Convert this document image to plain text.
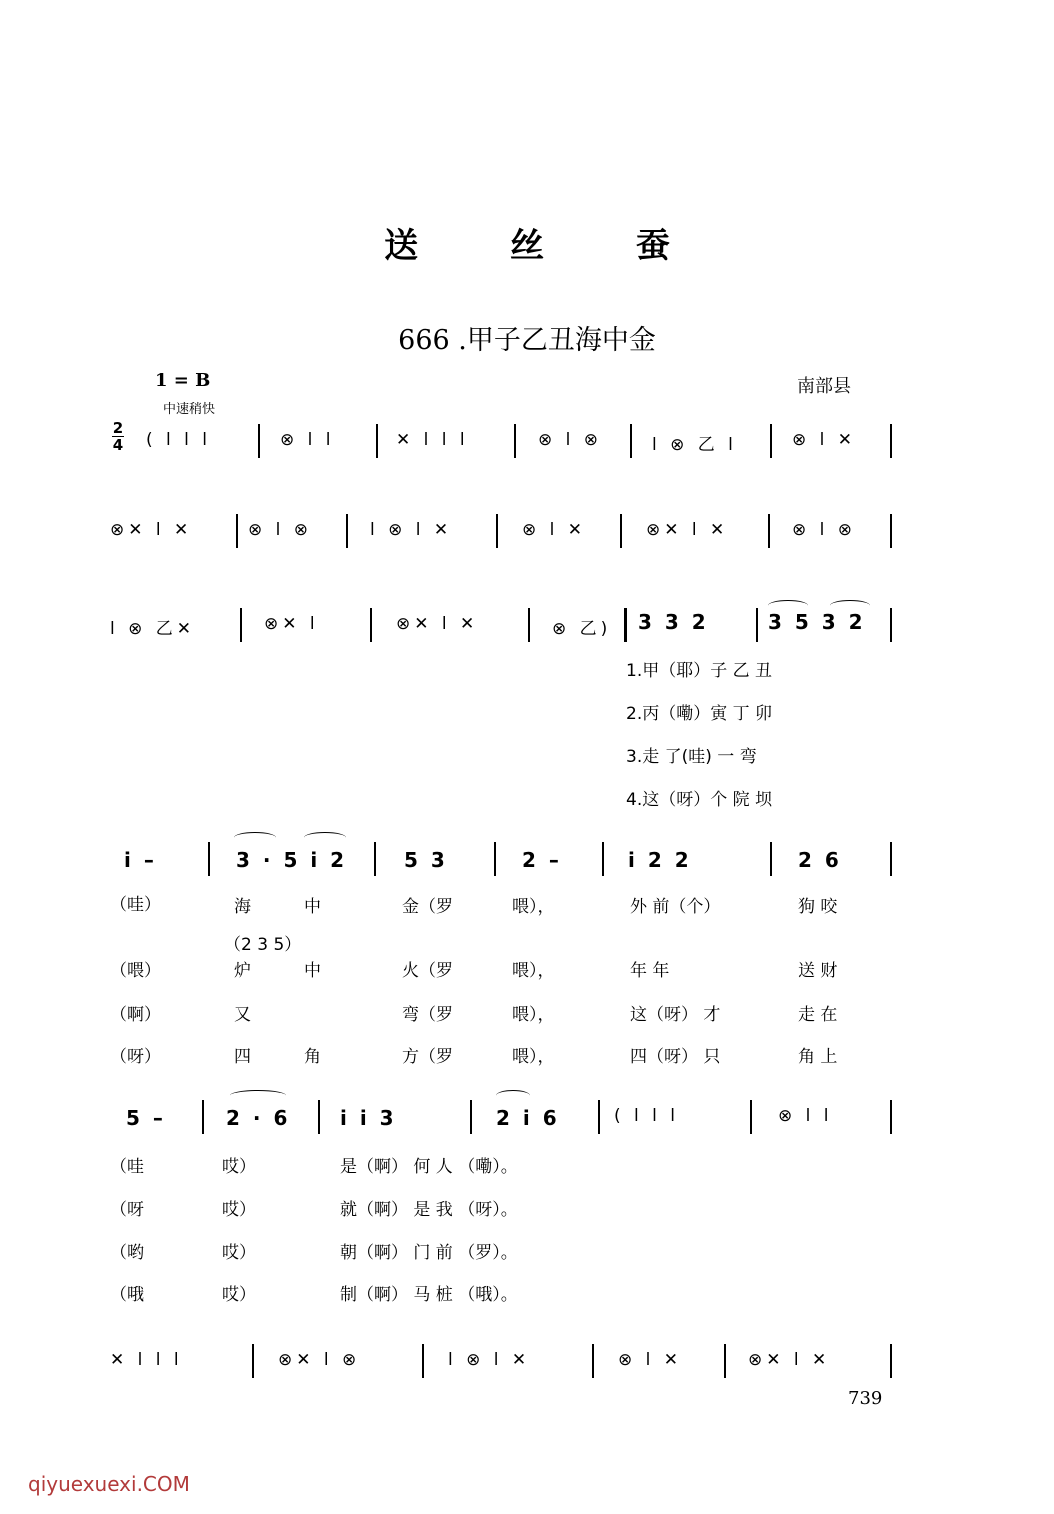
送 丝 蚕
666 .甲子乙丑海中金
1 = B
中速稍快
南部县
2
4 ( l l l	⊗ l l	✕ l l l	⊗ l ⊗	l ⊗ 乙 l	⊗ l ✕
⊗✕ l ✕	⊗ l ⊗	l ⊗ l ✕	⊗ l ✕	⊗✕ l ✕	⊗ l ⊗
l ⊗ 乙✕	⊗✕ l	⊗✕ l ✕	⊗ 乙) 3 3 2	3 5 3 2
1.甲（耶）子 乙 丑
2.丙（嘞）寅 丁 卯
3.走 了(哇) 一 弯
4.这（呀）个 院 坝
i –	3 · 5 i 2	5 3	2 –	i 2 2	2 6
（2 3 5）
（哇）	海	中	金（罗	喂），	外 前（个）	狗 咬
（喂）	炉	中	火（罗	喂），	年 年	送 财
（啊）	又	弯（罗	喂），	这（呀） 才	走 在
（呀）	四	角	方（罗	喂），	四（呀） 只	角 上
5 –	2 · 6 i i 3	2 i 6	( l l l	⊗ l l
（哇	哎）	是（啊） 何 人 （嘞）。
（呀	哎）	就（啊） 是 我 （呀）。
（哟	哎）	朝（啊） 门 前 （罗）。
（哦	哎）	制（啊） 马 桩 （哦）。
✕ l l l	⊗✕ l ⊗	l ⊗ l ✕	⊗ l ✕	⊗✕ l ✕
739
qiyuexuexi.COM
